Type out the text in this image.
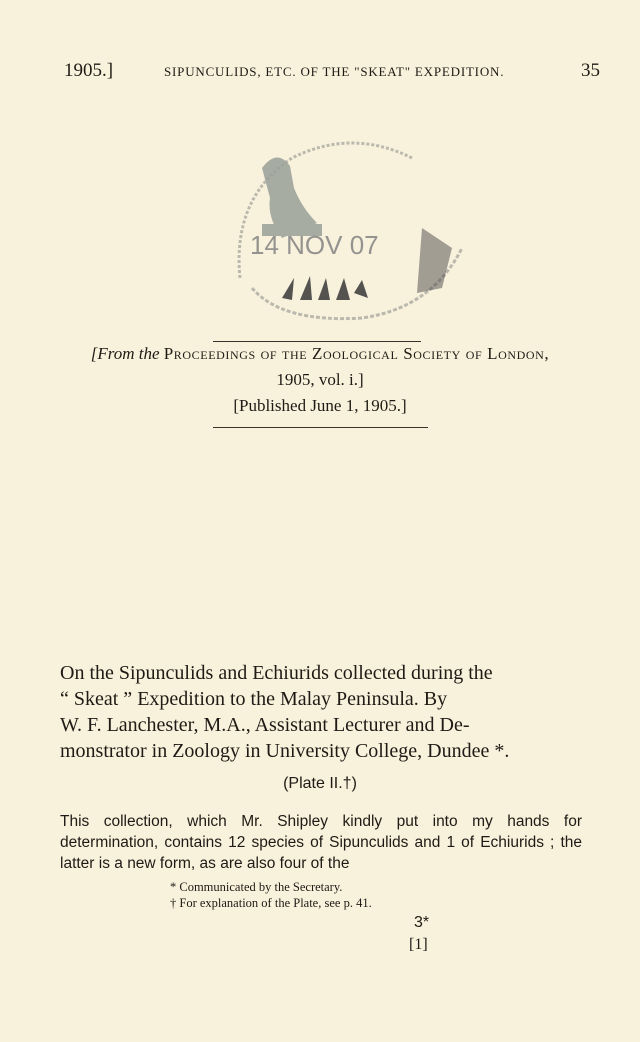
1905.]	SIPUNCULIDS, ETC. OF THE "SKEAT" EXPEDITION.	35
14 NOV 07
[From the Proceedings of the Zoological Society of London,
1905, vol. i.]
[Published June 1, 1905.]
On the Sipunculids and Echiurids collected during the
“ Skeat ” Expedition to the Malay Peninsula. By
W. F. Lanchester, M.A., Assistant Lecturer and De-
monstrator in Zoology in University College, Dundee *.
(Plate II.†)
This collection, which Mr. Shipley kindly put into my hands for determination, contains 12 species of Sipunculids and 1 of Echiurids ; the latter is a new form, as are also four of the
* Communicated by the Secretary.
† For explanation of the Plate, see p. 41.
3*
[1]
